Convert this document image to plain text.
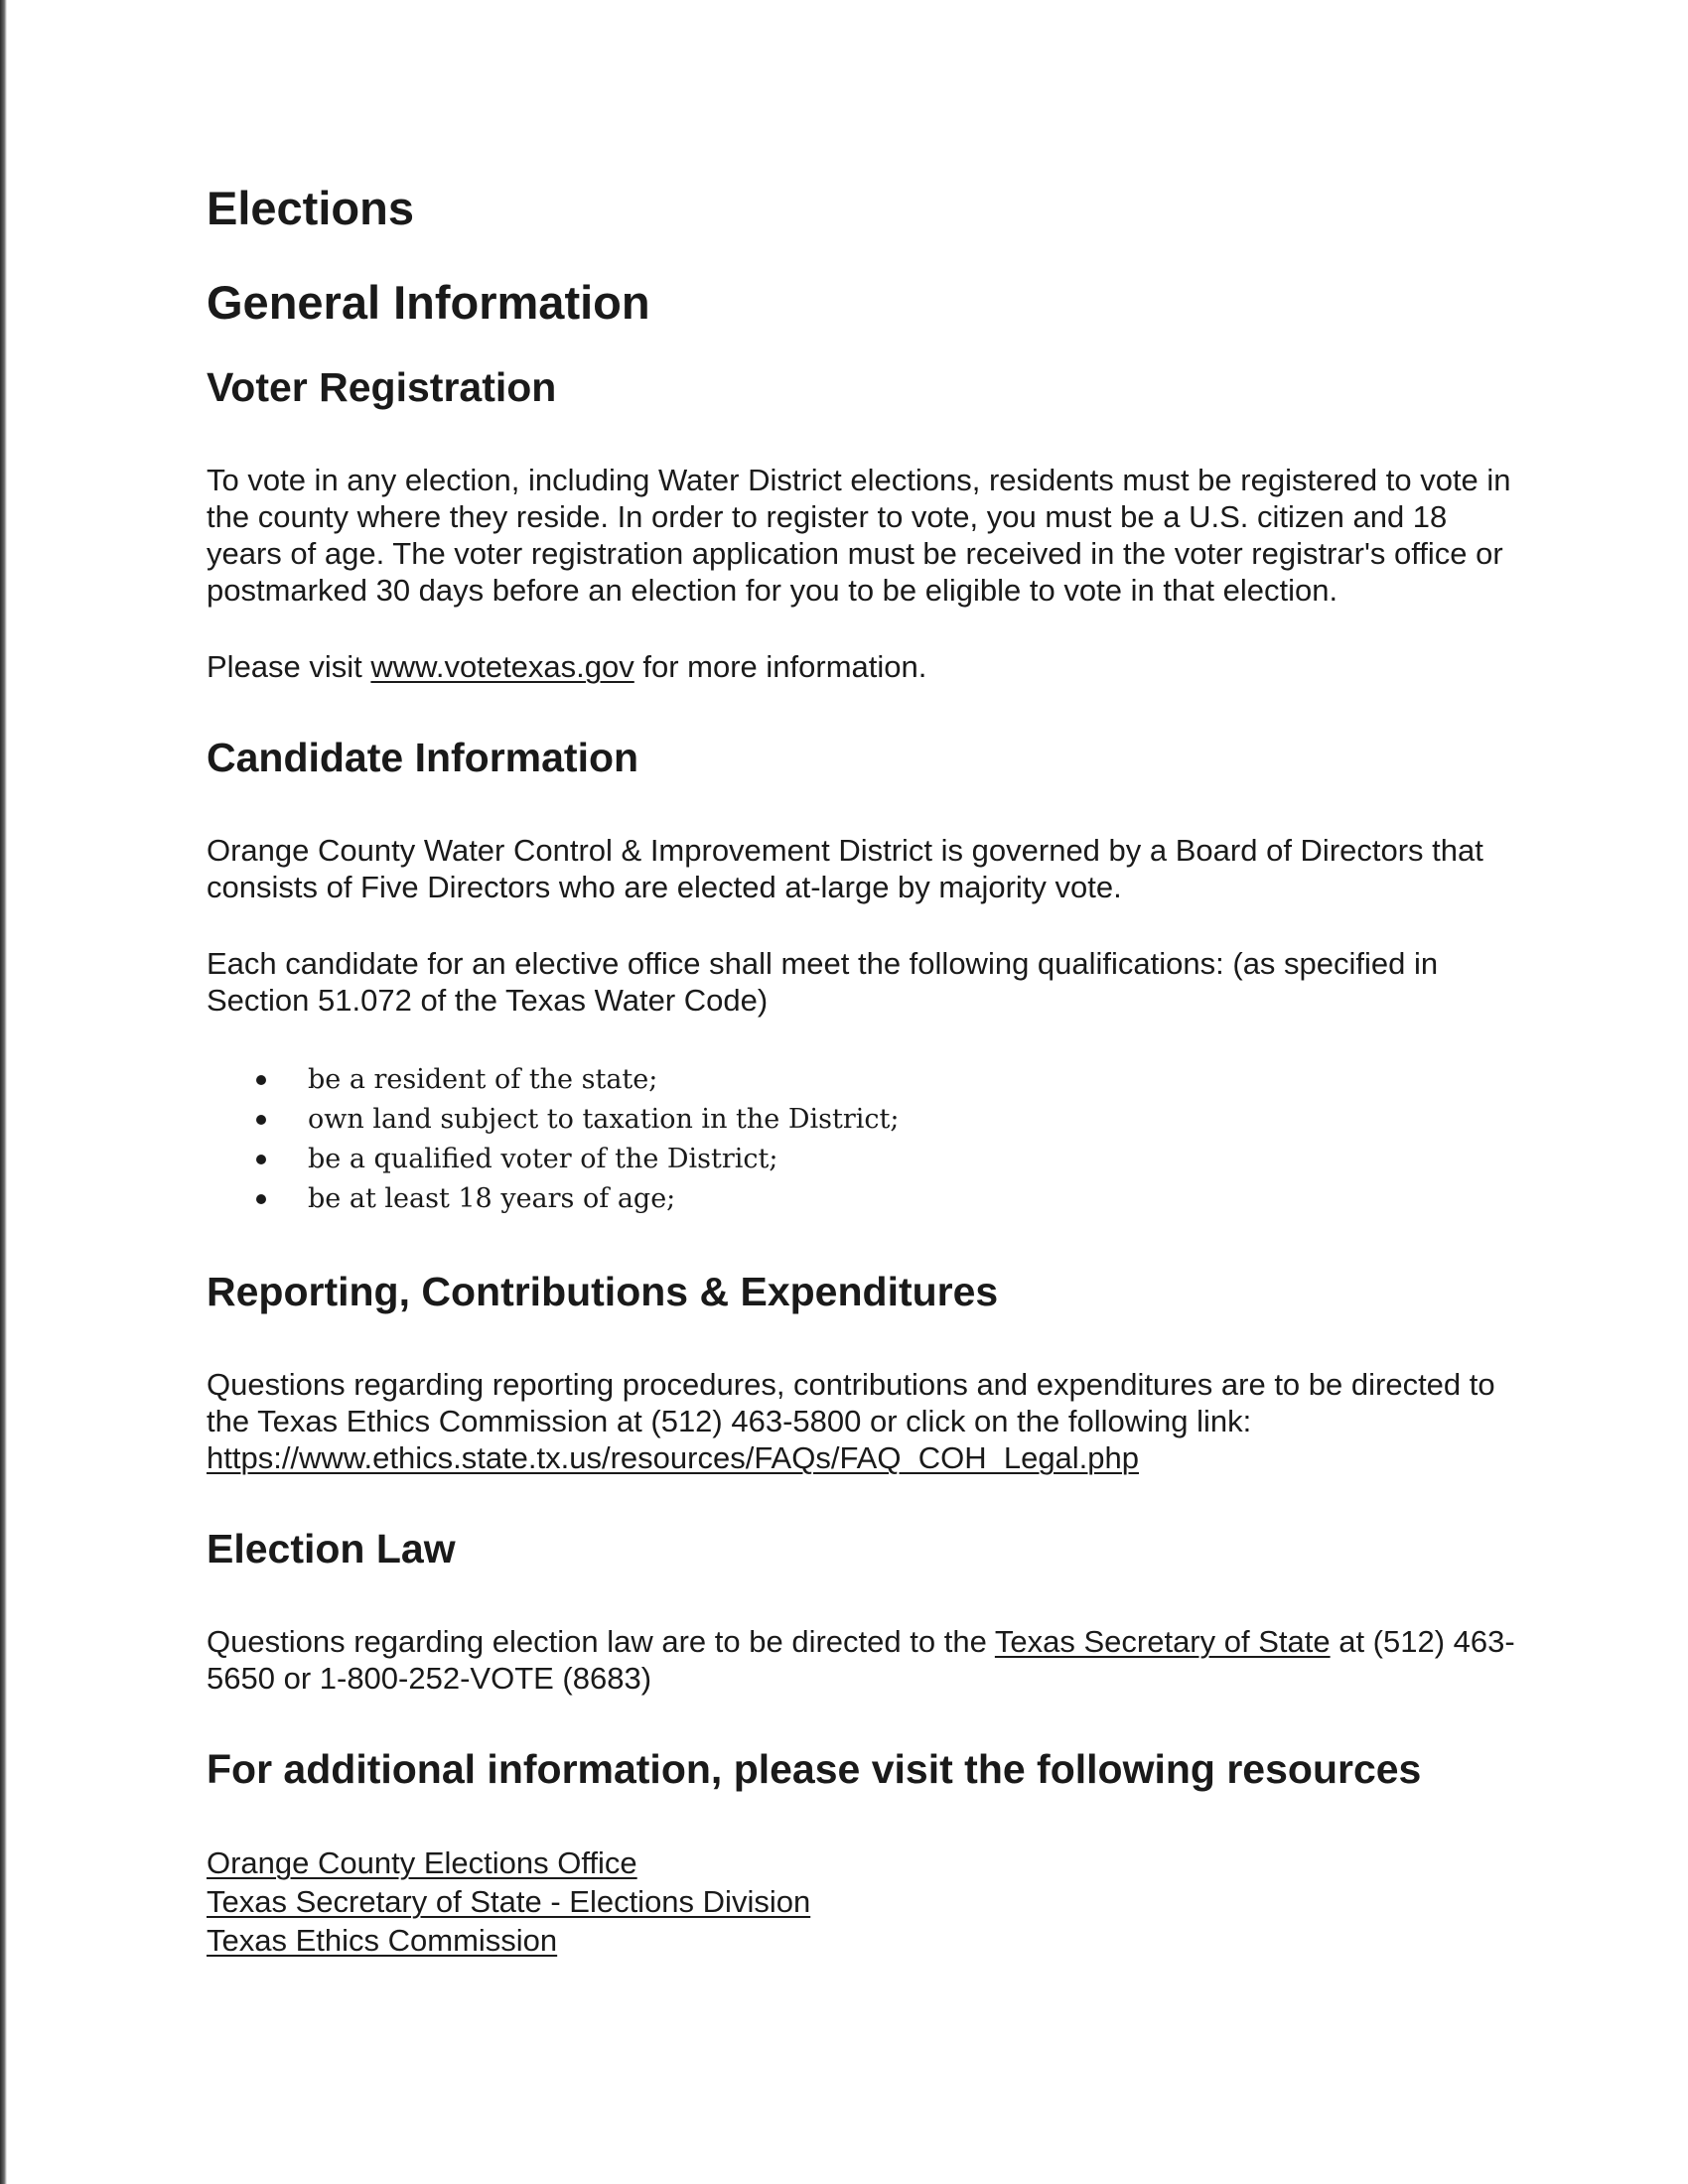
Elections
General Information
Voter Registration

To vote in any election, including Water District elections, residents must be registered to vote in the county where they reside. In order to register to vote, you must be a U.S. citizen and 18 years of age. The voter registration application must be received in the voter registrar's office or postmarked 30 days before an election for you to be eligible to vote in that election.

Please visit www.votetexas.gov for more information.

Candidate Information

Orange County Water Control & Improvement District is governed by a Board of Directors that consists of Five Directors who are elected at-large by majority vote.

Each candidate for an elective office shall meet the following qualifications: (as specified in Section 51.072 of the Texas Water Code)

be a resident of the state;
own land subject to taxation in the District;
be a qualified voter of the District;
be at least 18 years of age;
Reporting, Contributions & Expenditures

Questions regarding reporting procedures, contributions and expenditures are to be directed to the Texas Ethics Commission at (512) 463-5800 or click on the following link: https://www.ethics.state.tx.us/resources/FAQs/FAQ_COH_Legal.php

Election Law

Questions regarding election law are to be directed to the Texas Secretary of State at (512) 463-5650 or 1-800-252-VOTE (8683)

For additional information, please visit the following resources

Orange County Elections Office

Texas Secretary of State - Elections Division

Texas Ethics Commission
